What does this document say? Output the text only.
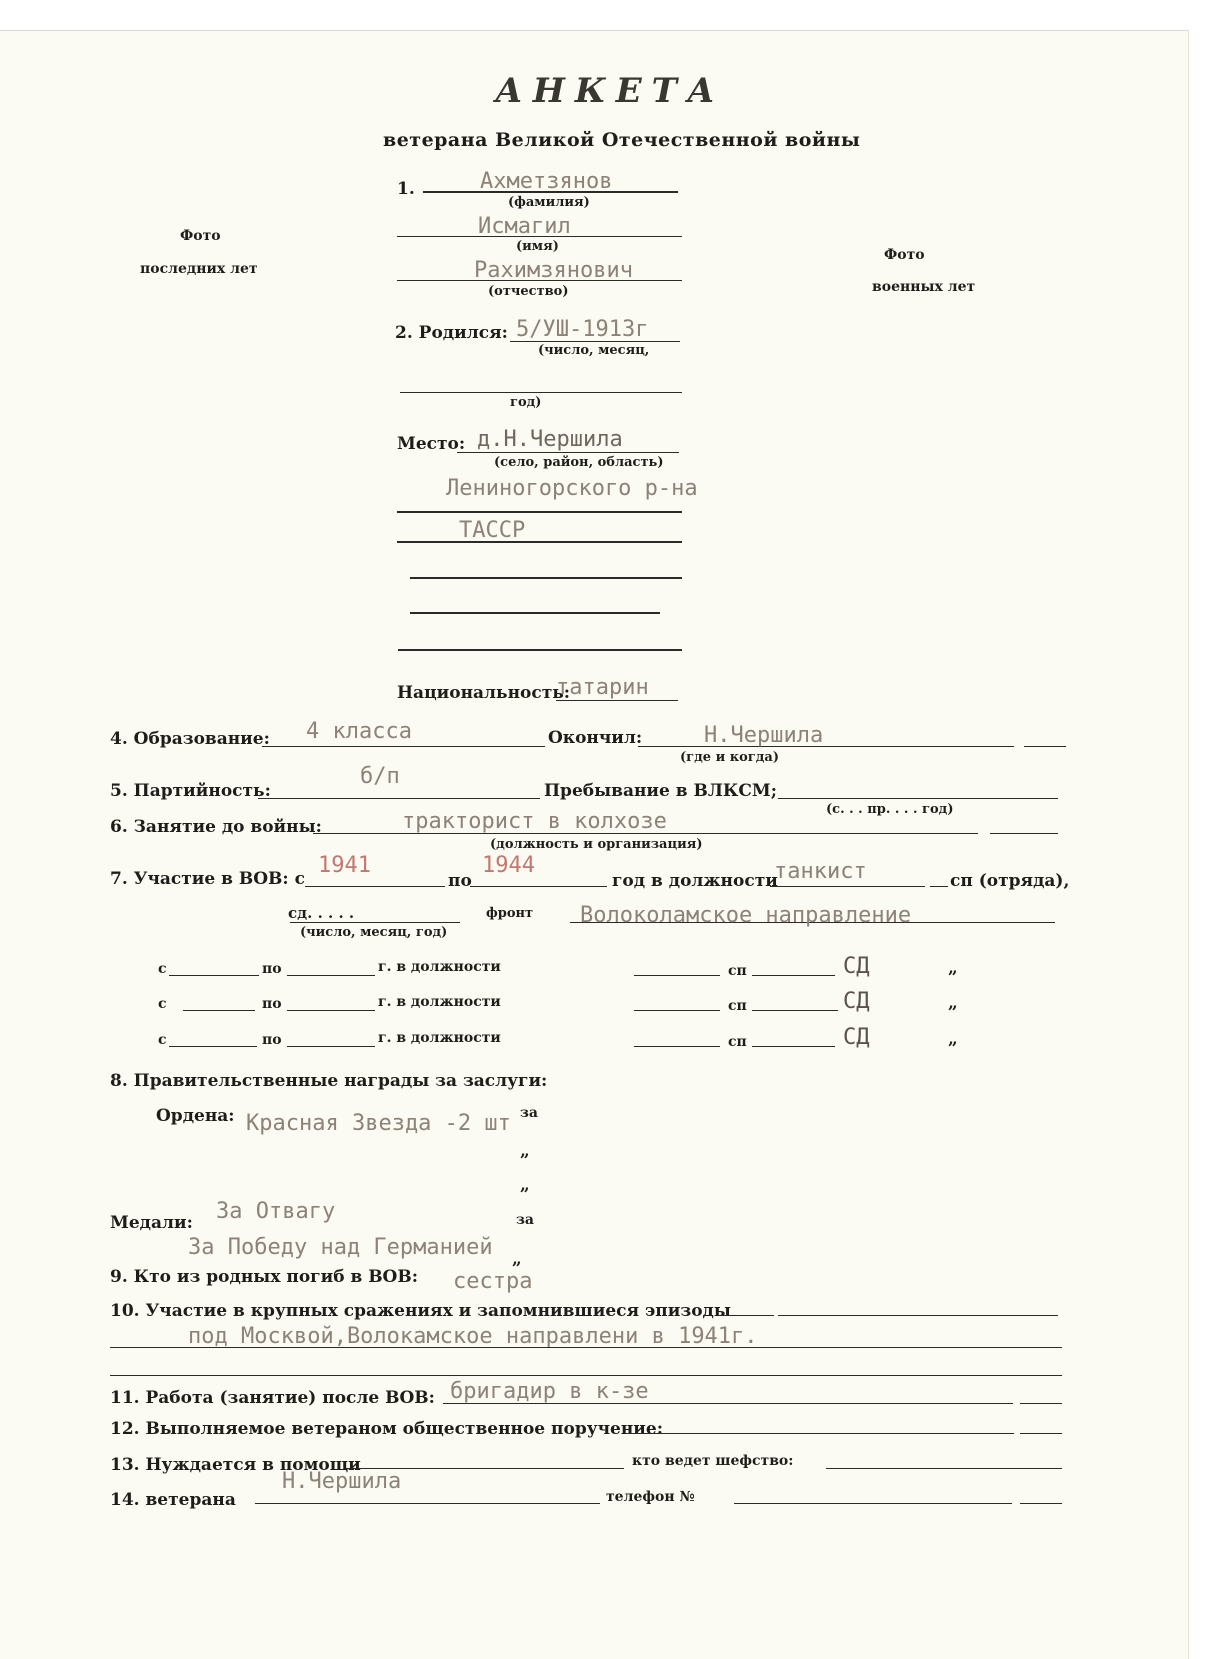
АНКЕТА
ветерана Великой Отечественной войны
Фото
последних лет
Фото
военных лет
1.	Ахметзянов
(фамилия)
Исмагил
(имя)
Рахимзянович
(отчество)
2. Родился: 5/УШ-1913г
(число, месяц,
год)
Место: д.Н.Чершила
(село, район, область)
Лениногорского р-на
ТАССР
Национальность:
татарин
4. Образование: 4 класса	Окончил:	Н.Чершила
(где и когда)
5. Партийность:
б/п
Пребывание в ВЛКСМ;
(с. . . пр. . . . год)
6. Занятие до войны:	тракторист в колхозе
(должность и организация)
7. Участие в ВОВ: с
1941
по
1944
год в должности
танкист	сп (отряда),
сд. . . . .	фронт Волоколамское направление
(число, месяц, год)
с	по	г. в должности	сп	СД	„
с	по	г. в должности	сп	СД	„
с	по	г. в должности	сп	СД	„
8. Правительственные награды за заслуги:
Ордена: Красная Звезда -2 шт за
„
„
Медали: За Отвагу	за
За Победу над Германией „
9. Кто из родных погиб в ВОВ: сестра
10. Участие в крупных сражениях и запомнившиеся эпизоды
под Москвой,Волокамское направлени в 1941г.
11. Работа (занятие) после ВОВ: бригадир в к-зе
12. Выполняемое ветераном общественное поручение:
13. Нуждается в помощи	кто ведет шефство:
14. ветерана
Н.Чершила
телефон №
